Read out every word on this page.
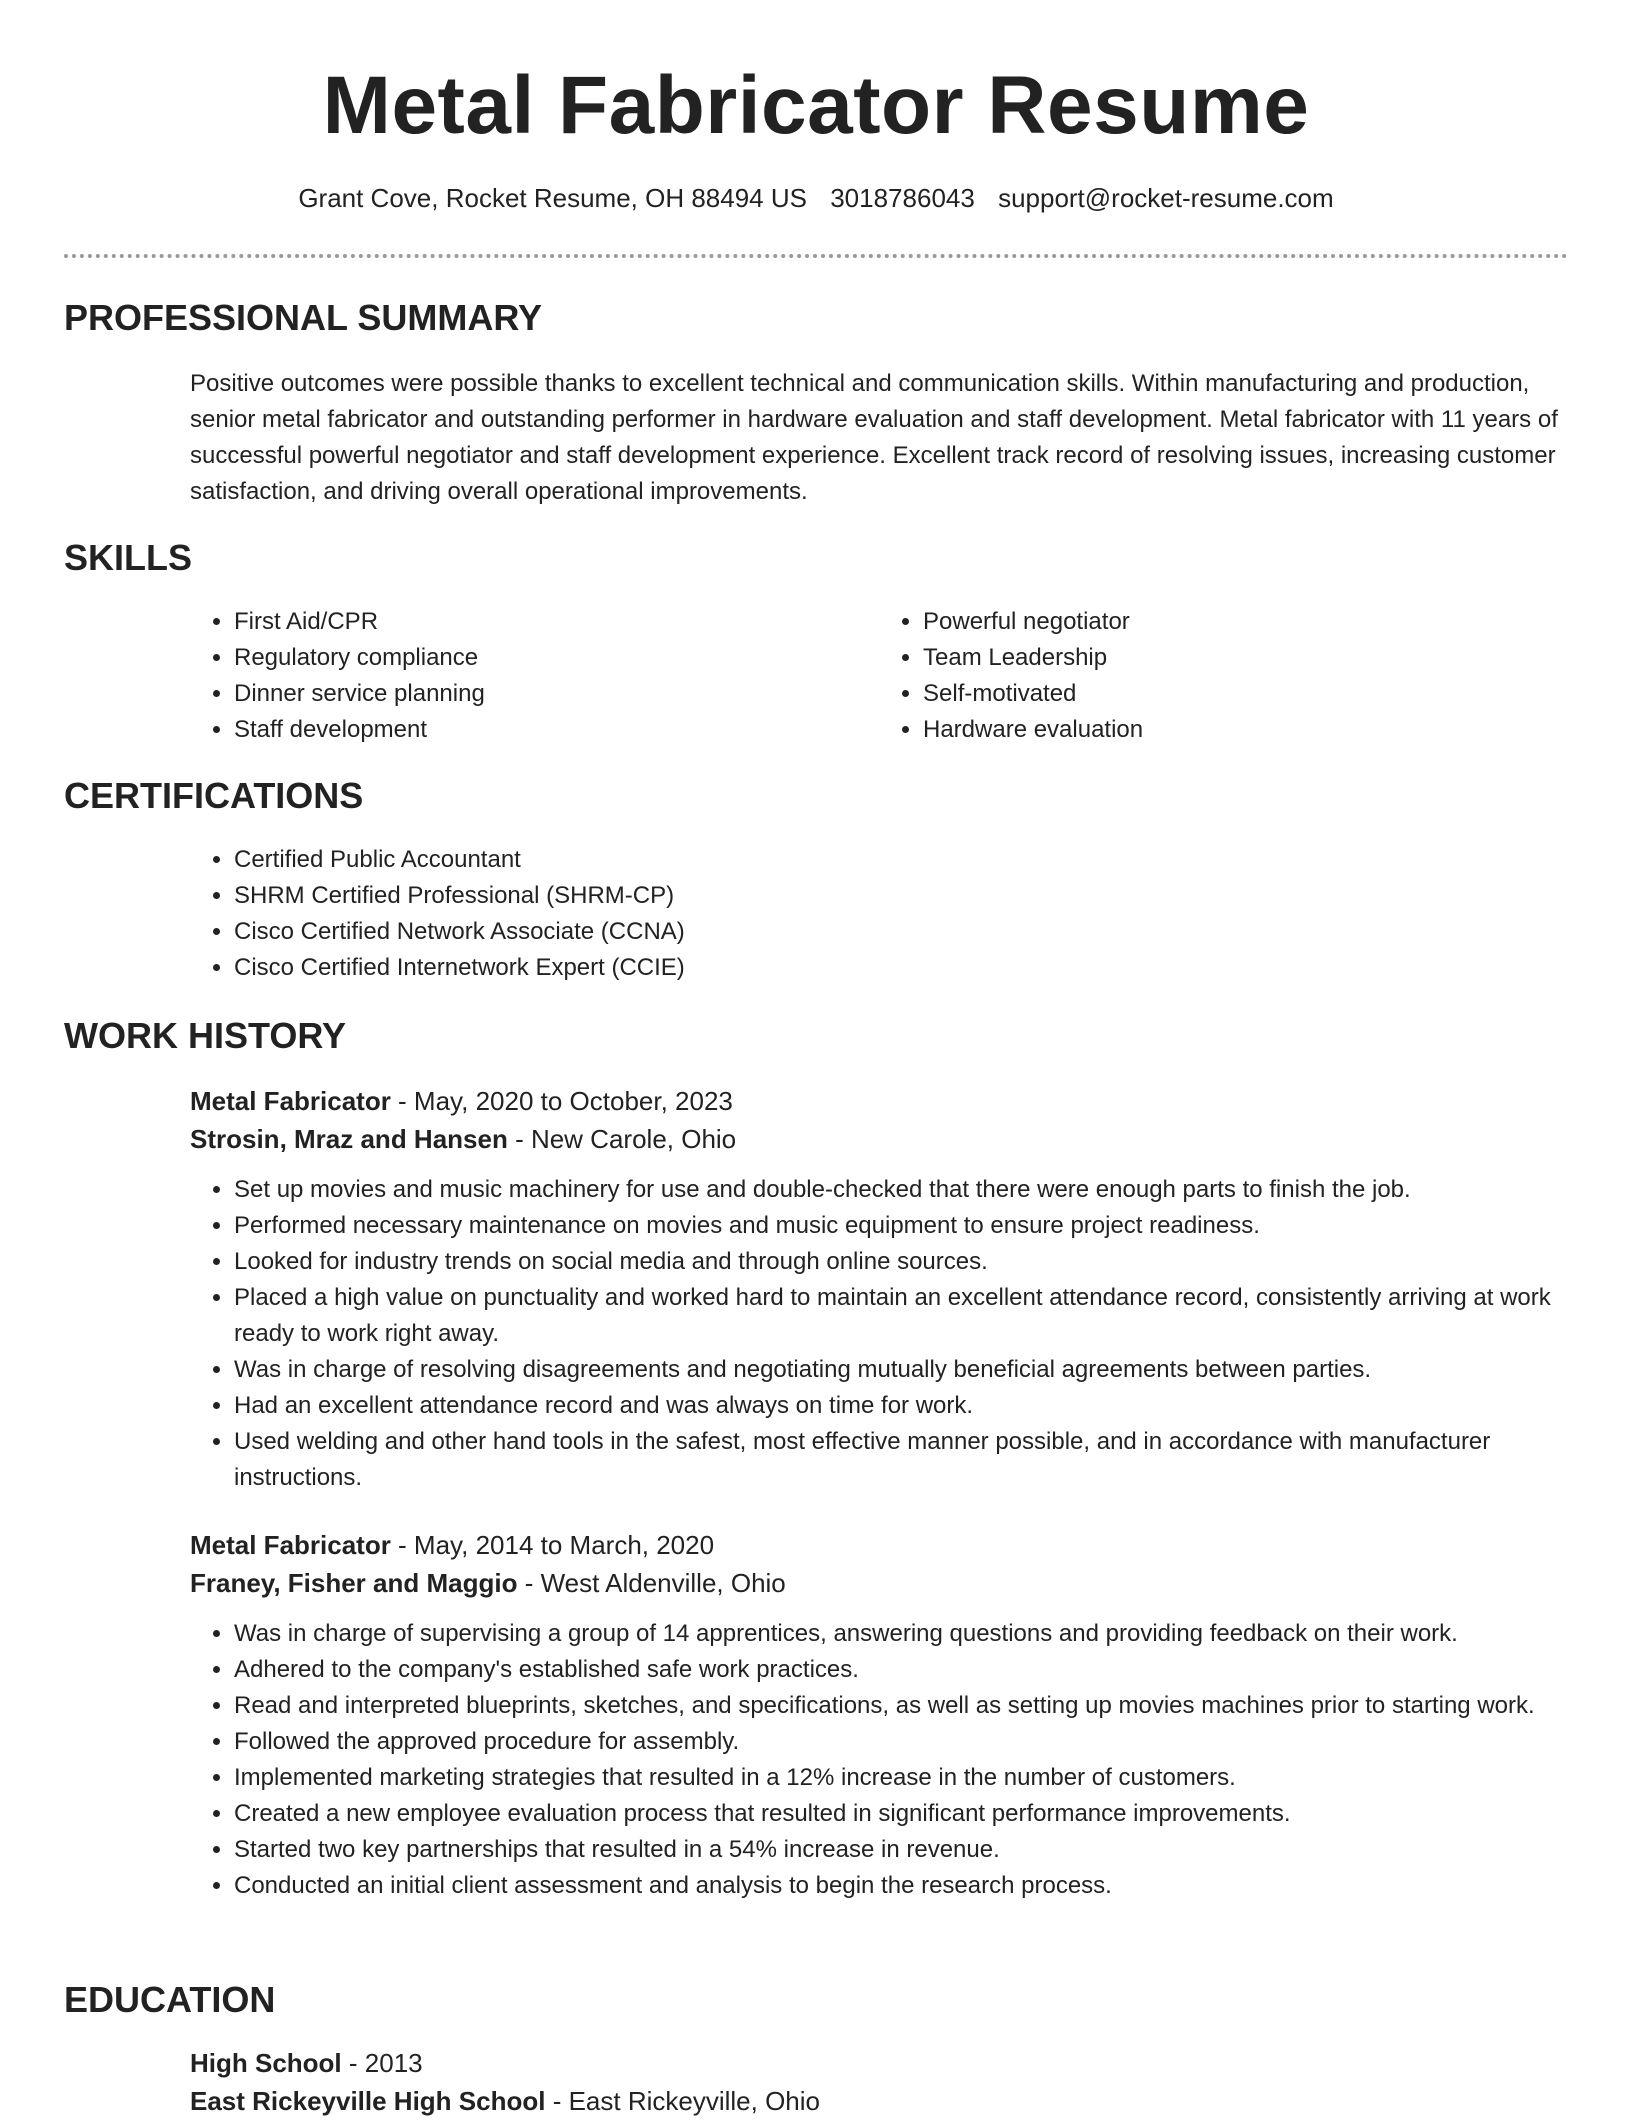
Metal Fabricator Resume
Grant Cove, Rocket Resume, OH 88494 US 3018786043 support@rocket-resume.com
PROFESSIONAL SUMMARY

Positive outcomes were possible thanks to excellent technical and communication skills. Within manufacturing and production, senior metal fabricator and outstanding performer in hardware evaluation and staff development. Metal fabricator with 11 years of successful powerful negotiator and staff development experience. Excellent track record of resolving issues, increasing customer satisfaction, and driving overall operational improvements.

SKILLS
• First Aid/CPR
• Regulatory compliance
• Dinner service planning
• Staff development
• Powerful negotiator
• Team Leadership
• Self-motivated
• Hardware evaluation
CERTIFICATIONS
• Certified Public Accountant
• SHRM Certified Professional (SHRM-CP)
• Cisco Certified Network Associate (CCNA)
• Cisco Certified Internetwork Expert (CCIE)
WORK HISTORY
Metal Fabricator - May, 2020 to October, 2023
Strosin, Mraz and Hansen - New Carole, Ohio
• Set up movies and music machinery for use and double-checked that there were enough parts to finish the job.
• Performed necessary maintenance on movies and music equipment to ensure project readiness.
• Looked for industry trends on social media and through online sources.
• Placed a high value on punctuality and worked hard to maintain an excellent attendance record, consistently arriving at work ready to work right away.
• Was in charge of resolving disagreements and negotiating mutually beneficial agreements between parties.
• Had an excellent attendance record and was always on time for work.
• Used welding and other hand tools in the safest, most effective manner possible, and in accordance with manufacturer instructions.
Metal Fabricator - May, 2014 to March, 2020
Franey, Fisher and Maggio - West Aldenville, Ohio
• Was in charge of supervising a group of 14 apprentices, answering questions and providing feedback on their work.
• Adhered to the company's established safe work practices.
• Read and interpreted blueprints, sketches, and specifications, as well as setting up movies machines prior to starting work.
• Followed the approved procedure for assembly.
• Implemented marketing strategies that resulted in a 12% increase in the number of customers.
• Created a new employee evaluation process that resulted in significant performance improvements.
• Started two key partnerships that resulted in a 54% increase in revenue.
• Conducted an initial client assessment and analysis to begin the research process.
EDUCATION
High School - 2013
East Rickeyville High School - East Rickeyville, Ohio
